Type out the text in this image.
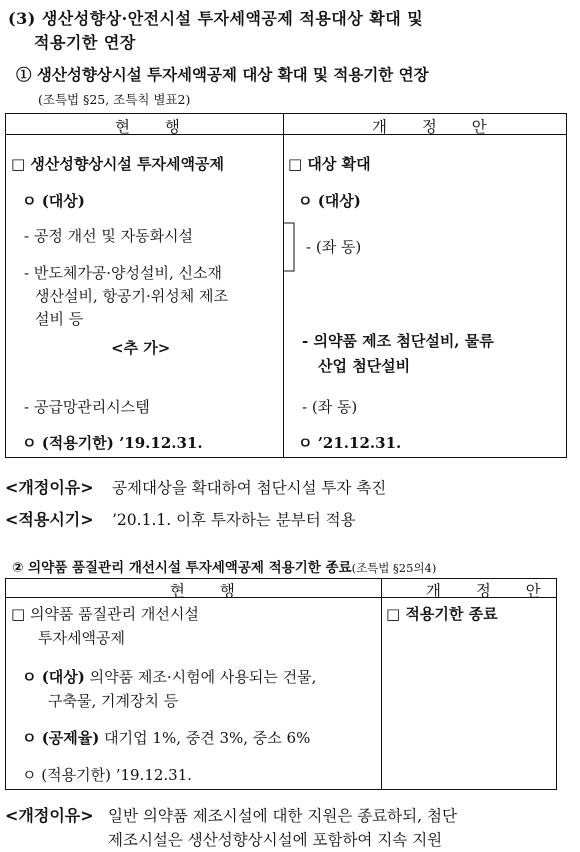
(3) 생산성향상·안전시설 투자세액공제 적용대상 확대 및
적용기한 연장
① 생산성향상시설 투자세액공제 대상 확대 및 적용기한 연장
(조특법 §25, 조특칙 별표2)
현 행	개 정 안
□ 생산성향상시설 투자세액공제
ㅇ (대상)
- 공정 개선 및 자동화시설
- 반도체가공·양성설비, 신소재
생산설비, 항공기·위성체 제조
설비 등
<추 가>
- 공급망관리시스템
ㅇ (적용기한) ’19.12.31.
□ 대상 확대
ㅇ (대상)
- (좌 동)
- 의약품 제조 첨단설비, 물류
산업 첨단설비
- (좌 동)
ㅇ ’21.12.31.
<개정이유> 공제대상을 확대하여 첨단시설 투자 촉진
<적용시기> ’20.1.1. 이후 투자하는 분부터 적용
② 의약품 품질관리 개선시설 투자세액공제 적용기한 종료(조특법 §25의4)
현 행	개 정 안
□ 의약품 품질관리 개선시설
투자세액공제
ㅇ (대상) 의약품 제조·시험에 사용되는 건물,
구축물, 기계장치 등
ㅇ (공제율) 대기업 1%, 중견 3%, 중소 6%
ㅇ (적용기한) ’19.12.31.
□ 적용기한 종료
<개정이유> 일반 의약품 제조시설에 대한 지원은 종료하되, 첨단
제조시설은 생산성향상시설에 포함하여 지속 지원
